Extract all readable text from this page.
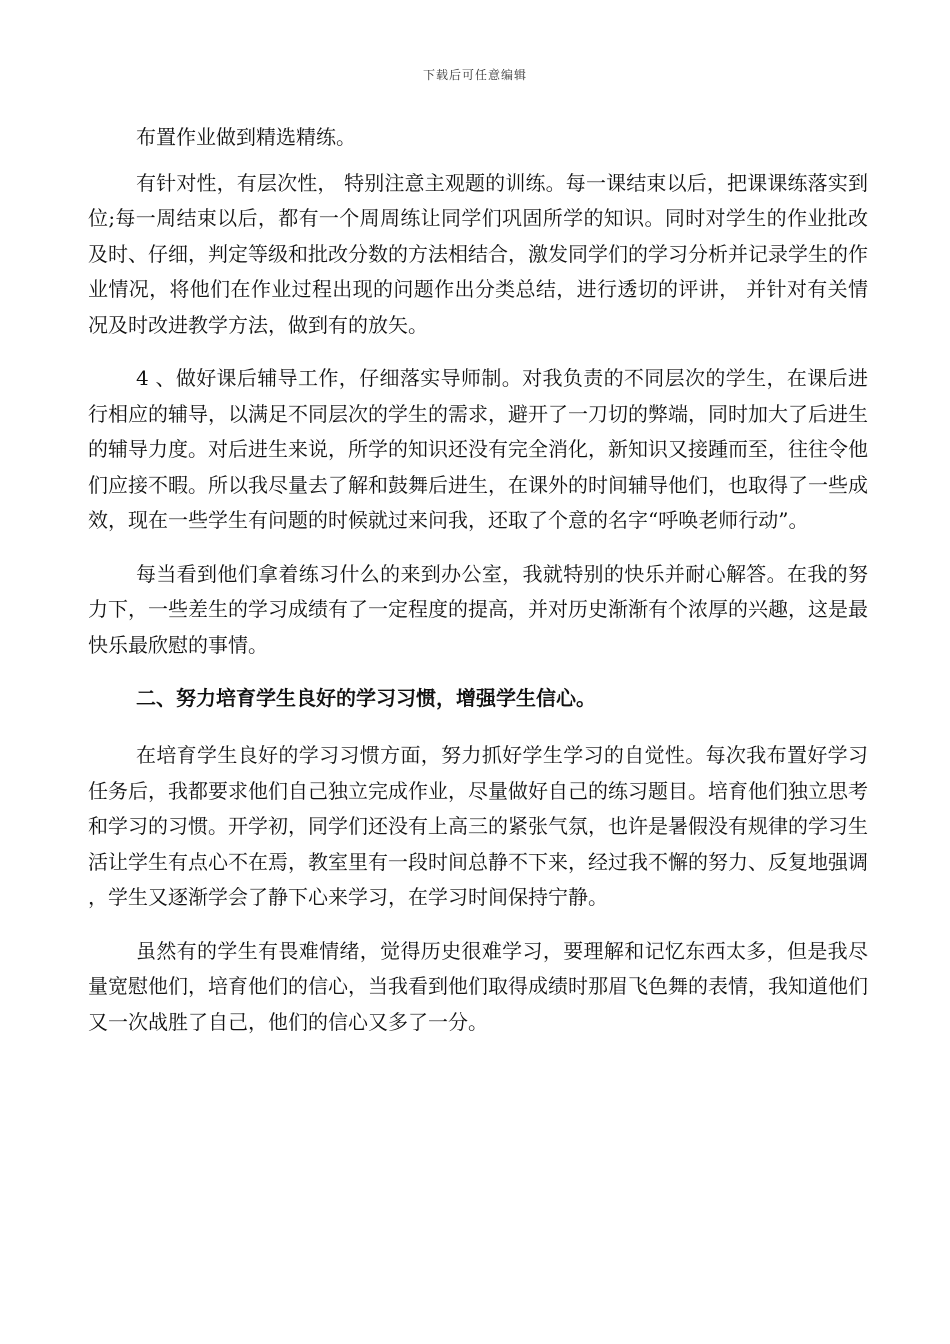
下载后可任意编辑

布置作业做到精选精练。

有针对性，有层次性， 特别注意主观题的训练。每一课结束以后，把课课练落实到位;每一周结束以后，都有一个周周练让同学们巩固所学的知识。同时对学生的作业批改及时、仔细，判定等级和批改分数的方法相结合，激发同学们的学习分析并记录学生的作业情况，将他们在作业过程出现的问题作出分类总结，进行透切的评讲， 并针对有关情况及时改进教学方法，做到有的放矢。

4 、做好课后辅导工作，仔细落实导师制。对我负责的不同层次的学生，在课后进行相应的辅导，以满足不同层次的学生的需求，避开了一刀切的弊端，同时加大了后进生的辅导力度。对后进生来说，所学的知识还没有完全消化，新知识又接踵而至，往往令他们应接不暇。所以我尽量去了解和鼓舞后进生，在课外的时间辅导他们，也取得了一些成效，现在一些学生有问题的时候就过来问我，还取了个意的名字“呼唤老师行动”。

每当看到他们拿着练习什么的来到办公室，我就特别的快乐并耐心解答。在我的努力下，一些差生的学习成绩有了一定程度的提高，并对历史渐渐有个浓厚的兴趣，这是最快乐最欣慰的事情。

二、努力培育学生良好的学习习惯，增强学生信心。

在培育学生良好的学习习惯方面，努力抓好学生学习的自觉性。每次我布置好学习任务后，我都要求他们自己独立完成作业，尽量做好自己的练习题目。培育他们独立思考和学习的习惯。开学初，同学们还没有上高三的紧张气氛，也许是暑假没有规律的学习生活让学生有点心不在焉，教室里有一段时间总静不下来，经过我不懈的努力、反复地强调 ，学生又逐渐学会了静下心来学习，在学习时间保持宁静。

虽然有的学生有畏难情绪，觉得历史很难学习，要理解和记忆东西太多，但是我尽量宽慰他们，培育他们的信心，当我看到他们取得成绩时那眉飞色舞的表情，我知道他们又一次战胜了自己，他们的信心又多了一分。
